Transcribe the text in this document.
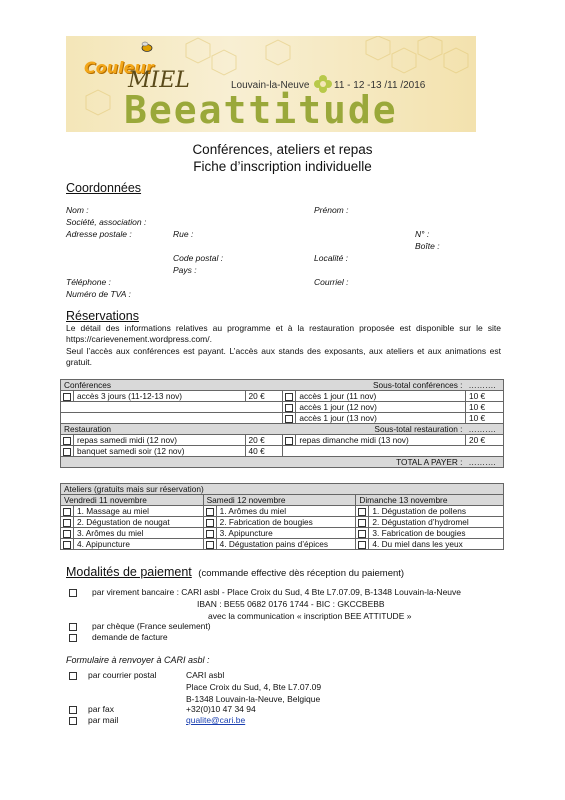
Couleur
MIEL	Louvain-la-Neuve 11 - 12 -13 /11 /2016
Beeattitude
Conférences, ateliers et repas
Fiche d’inscription individuelle
Coordonnées
Nom :	Prénom :
Société, association :
Adresse postale :	Rue :	N° :
Boîte :
Code postal :	Localité :
Pays :
Téléphone :	Courriel :
Numéro de TVA :
Réservations
Le détail des informations relatives au programme et à la restauration proposée est disponible sur le site https://carievenement.wordpress.com/.
Seul l’accès aux conférences est payant. L’accès aux stands des exposants, aux ateliers et aux animations est gratuit.
Conférences			Sous-total conférences :		……….
	accès 3 jours (11-12-13 nov)	20 €		accès 1 jour (11 nov)	10 €
				accès 1 jour (12 nov)	10 €
				accès 1 jour (13 nov)	10 €
Restauration			Sous-total restauration :		……….
	repas samedi midi (12 nov)	20 €		repas dimanche midi (13 nov)	20 €
	banquet samedi soir (12 nov)	40 €			
TOTAL A PAYER :					……….
Ateliers (gratuits mais sur réservation)					
Vendredi 11 novembre		Samedi 12 novembre		Dimanche 13 novembre	
	1. Massage au miel		1. Arômes du miel		1. Dégustation de pollens
	2. Dégustation de nougat		2. Fabrication de bougies		2. Dégustation d’hydromel
	3. Arômes du miel		3. Apipuncture		3. Fabrication de bougies
	4. Apipuncture		4. Dégustation pains d’épices		4. Du miel dans les yeux
Modalités de paiement (commande effective dès réception du paiement)
par virement bancaire : CARI asbl - Place Croix du Sud, 4 Bte L7.07.09, B-1348 Louvain-la-Neuve
IBAN : BE55 0682 0176 1744 - BIC : GKCCBEBB
avec la communication « inscription BEE ATTITUDE »
par chèque (France seulement)
demande de facture
Formulaire à renvoyer à CARI asbl :
par courrier postal	CARI asbl
Place Croix du Sud, 4, Bte L7.07.09
B-1348 Louvain-la-Neuve, Belgique
par fax	+32(0)10 47 34 94
par mail	qualite@cari.be
